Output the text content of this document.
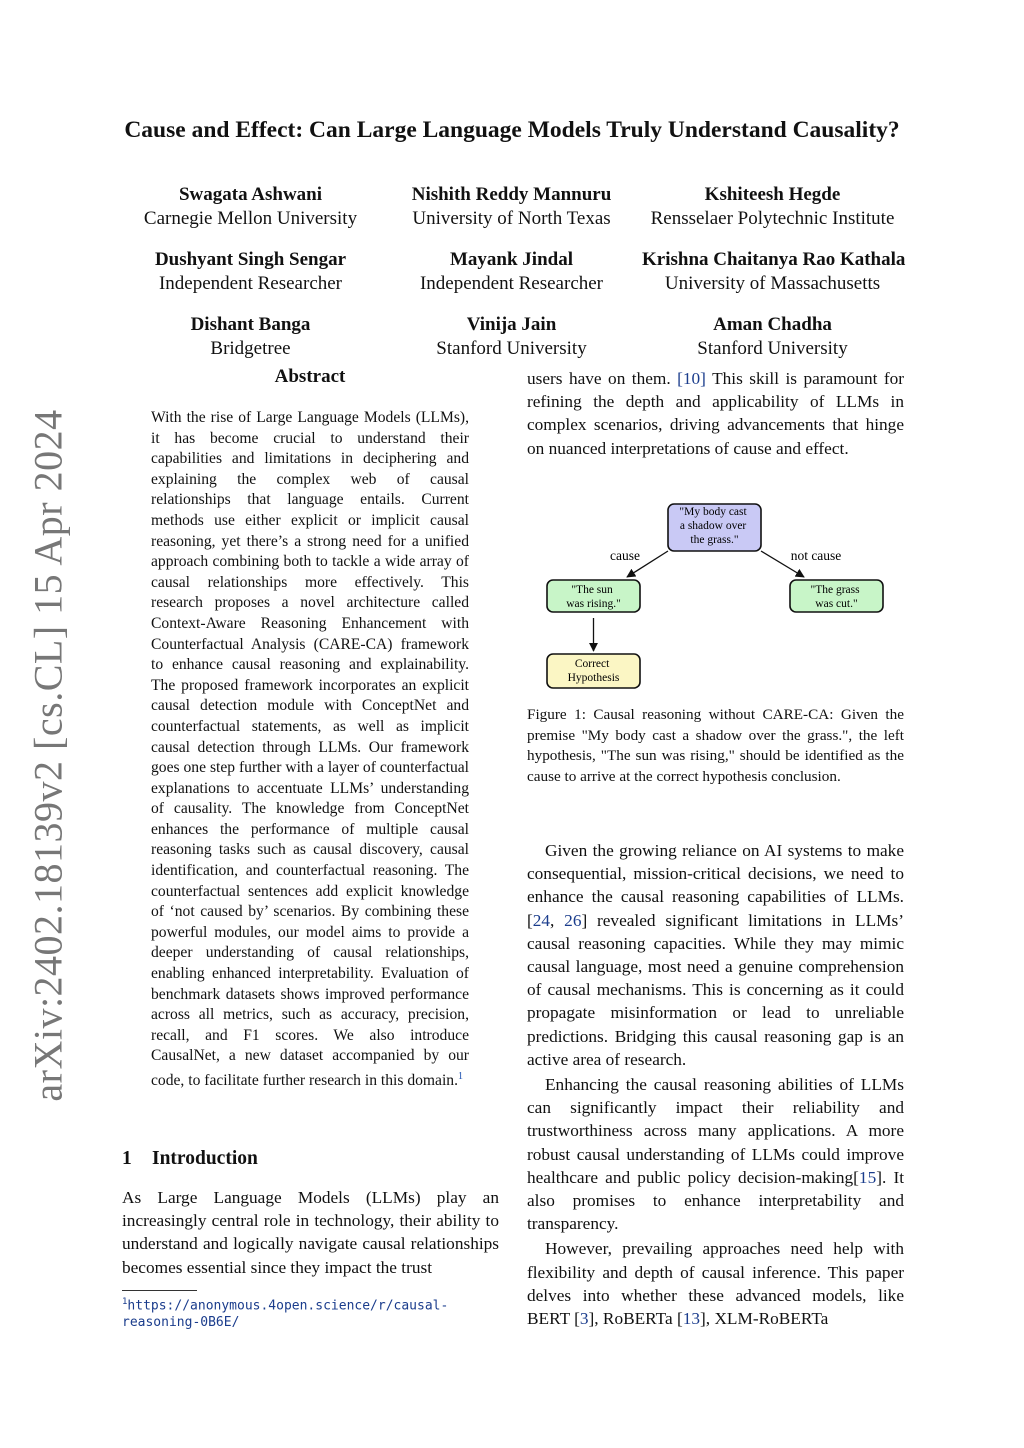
arXiv:2402.18139v2 [cs.CL] 15 Apr 2024
Cause and Effect: Can Large Language Models Truly Understand Causality?
Swagata Ashwani
Carnegie Mellon University
Nishith Reddy Mannuru
University of North Texas
Kshiteesh Hegde
Rensselaer Polytechnic Institute
Dushyant Singh Sengar
Independent Researcher
Mayank Jindal
Independent Researcher
Krishna Chaitanya Rao Kathala
University of Massachusetts
Dishant Banga
Bridgetree
Vinija Jain
Stanford University
Aman Chadha
Stanford University
Abstract
With the rise of Large Language Models (LLMs), it has become crucial to understand their capabilities and limitations in deciphering and explaining the complex web of causal relationships that language entails. Current methods use either explicit or implicit causal reasoning, yet there’s a strong need for a unified approach combining both to tackle a wide array of causal relationships more effectively. This research proposes a novel architecture called Context-Aware Reasoning Enhancement with Counterfactual Analysis (CARE-CA) framework to enhance causal reasoning and explainability. The proposed framework incorporates an explicit causal detection module with ConceptNet and counterfactual statements, as well as implicit causal detection through LLMs. Our framework goes one step further with a layer of counterfactual explanations to accentuate LLMs’ understanding of causality. The knowledge from ConceptNet enhances the performance of multiple causal reasoning tasks such as causal discovery, causal identification, and counterfactual reasoning. The counterfactual sentences add explicit knowledge of ‘not caused by’ scenarios. By combining these powerful modules, our model aims to provide a deeper understanding of causal relationships, enabling enhanced interpretability. Evaluation of benchmark datasets shows improved performance across all metrics, such as accuracy, precision, recall, and F1 scores. We also introduce CausalNet, a new dataset accompanied by our code, to facilitate further research in this domain.$^1$
1 Introduction
As Large Language Models (LLMs) play an increasingly central role in technology, their ability to understand and logically navigate causal relationships becomes essential since they impact the trust
$^1$https://anonymous.4open.science/r/causal-reasoning-0B6E/
users have on them. [10] This skill is paramount for refining the depth and applicability of LLMs in complex scenarios, driving advancements that hinge on nuanced interpretations of cause and effect.
"My body cast a shadow over the grass."
cause	not cause
"The sun was rising."
"The grass was cut."
Correct Hypothesis
Figure 1: Causal reasoning without CARE-CA: Given the premise "My body cast a shadow over the grass.", the left hypothesis, "The sun was rising," should be identified as the cause to arrive at the correct hypothesis conclusion.

Given the growing reliance on AI systems to make consequential, mission-critical decisions, we need to enhance the causal reasoning capabilities of LLMs. [24, 26] revealed significant limitations in LLMs’ causal reasoning capacities. While they may mimic causal language, most need a genuine comprehension of causal mechanisms. This is concerning as it could propagate misinformation or lead to unreliable predictions. Bridging this causal reasoning gap is an active area of research.

Enhancing the causal reasoning abilities of LLMs can significantly impact their reliability and trustworthiness across many applications. A more robust causal understanding of LLMs could improve healthcare and public policy decision-making[15]. It also promises to enhance interpretability and transparency.

However, prevailing approaches need help with flexibility and depth of causal inference. This paper delves into whether these advanced models, like BERT [3], RoBERTa [13], XLM-RoBERTa
